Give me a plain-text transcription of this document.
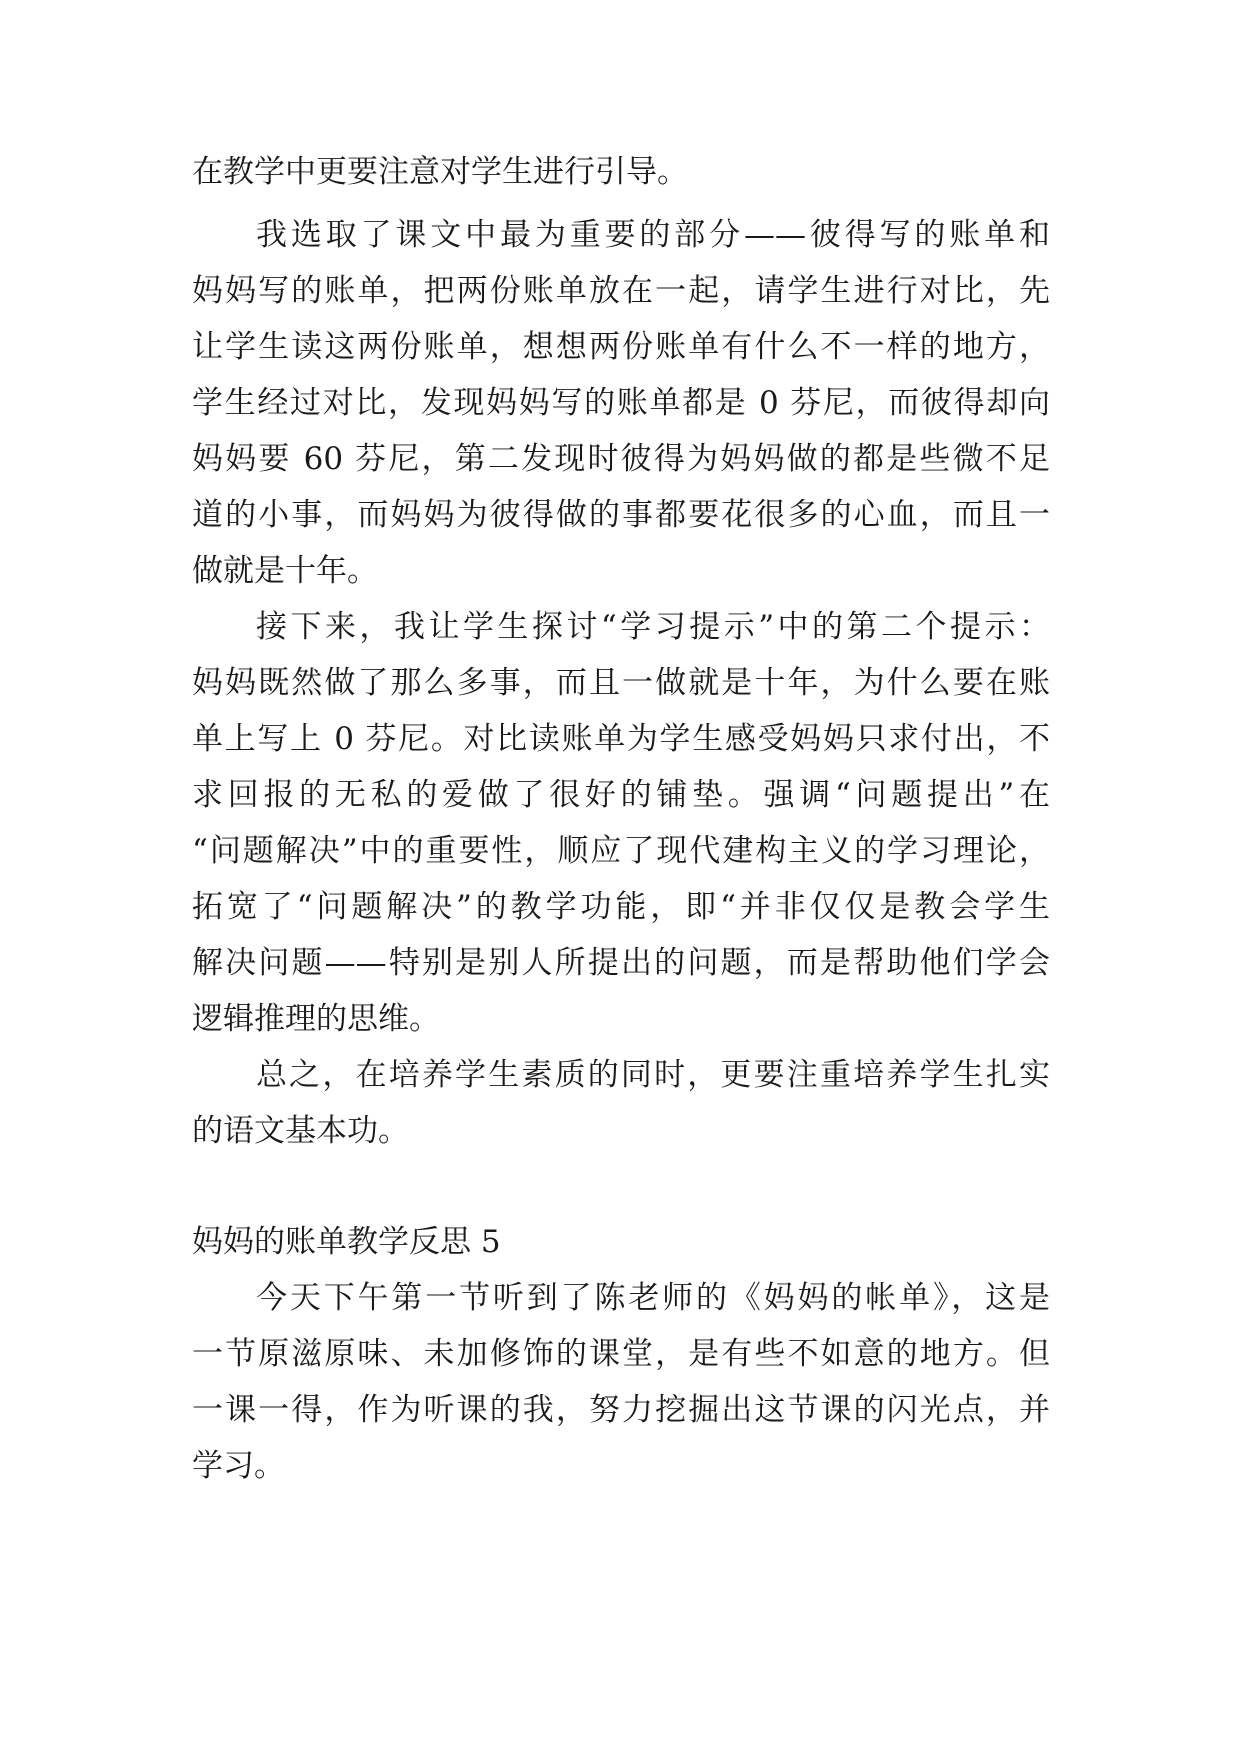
在教学中更要注意对学生进行引导。
我选取了课文中最为重要的部分——彼得写的账单和
妈妈写的账单，把两份账单放在一起，请学生进行对比，先
让学生读这两份账单，想想两份账单有什么不一样的地方，
学生经过对比，发现妈妈写的账单都是 0 芬尼，而彼得却向
妈妈要 60 芬尼，第二发现时彼得为妈妈做的都是些微不足
道的小事，而妈妈为彼得做的事都要花很多的心血，而且一
做就是十年。
接下来，我让学生探讨“学习提示”中的第二个提示：
妈妈既然做了那么多事，而且一做就是十年，为什么要在账
单上写上 0 芬尼。对比读账单为学生感受妈妈只求付出，不
求回报的无私的爱做了很好的铺垫。强调“问题提出”在
“问题解决”中的重要性，顺应了现代建构主义的学习理论，
拓宽了“问题解决”的教学功能，即“并非仅仅是教会学生
解决问题——特别是别人所提出的问题，而是帮助他们学会
逻辑推理的思维。
总之，在培养学生素质的同时，更要注重培养学生扎实
的语文基本功。
妈妈的账单教学反思 5
今天下午第一节听到了陈老师的《妈妈的帐单》，这是
一节原滋原味、未加修饰的课堂，是有些不如意的地方。但
一课一得，作为听课的我，努力挖掘出这节课的闪光点，并
学习。
